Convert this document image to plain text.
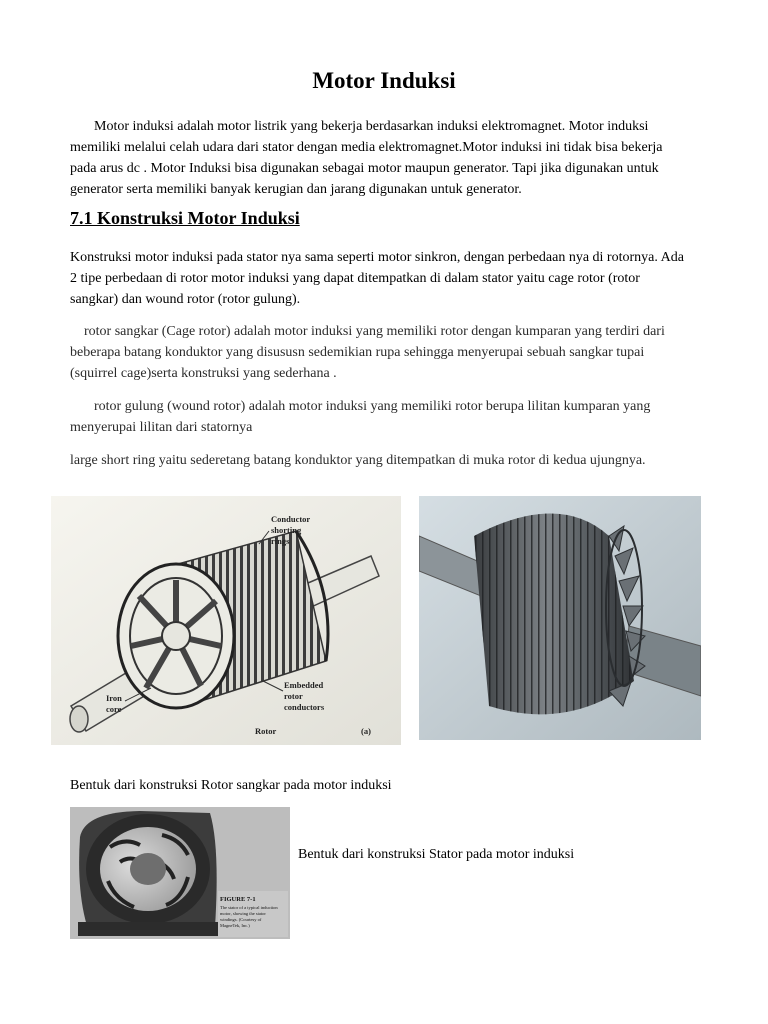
Motor Induksi

Motor induksi adalah motor listrik yang bekerja berdasarkan induksi elektromagnet. Motor induksi
memiliki melalui celah udara dari stator dengan media elektromagnet.Motor induksi ini tidak bisa bekerja
pada arus dc . Motor Induksi bisa digunakan sebagai motor maupun generator. Tapi jika digunakan untuk
generator serta memiliki banyak kerugian dan jarang digunakan untuk generator.

7.1 Konstruksi Motor Induksi

Konstruksi motor induksi pada stator nya sama seperti motor sinkron, dengan perbedaan nya di rotornya. Ada
2 tipe perbedaan di rotor motor induksi yang dapat ditempatkan di dalam stator yaitu cage rotor (rotor
sangkar) dan wound rotor (rotor gulung).

rotor sangkar (Cage rotor) adalah motor induksi yang memiliki rotor dengan kumparan yang terdiri dari
beberapa batang konduktor yang disususn sedemikian rupa sehingga menyerupai sebuah sangkar tupai
(squirrel cage)serta konstruksi yang sederhana .

rotor gulung (wound rotor) adalah motor induksi yang memiliki rotor berupa lilitan kumparan yang
menyerupai lilitan dari statornya

large short ring yaitu sederetang batang konduktor yang ditempatkan di muka rotor di kedua ujungnya.

Conductor
shorting
rings
Iron
core
Embedded
rotor
conductors
Rotor	(a)

Bentuk dari konstruksi Rotor sangkar pada motor induksi

FIGURE 7-1
The stator of a typical induction
motor, showing the stator
windings. (Courtesy of
MagneTek, Inc.)

Bentuk dari konstruksi Stator pada motor induksi
